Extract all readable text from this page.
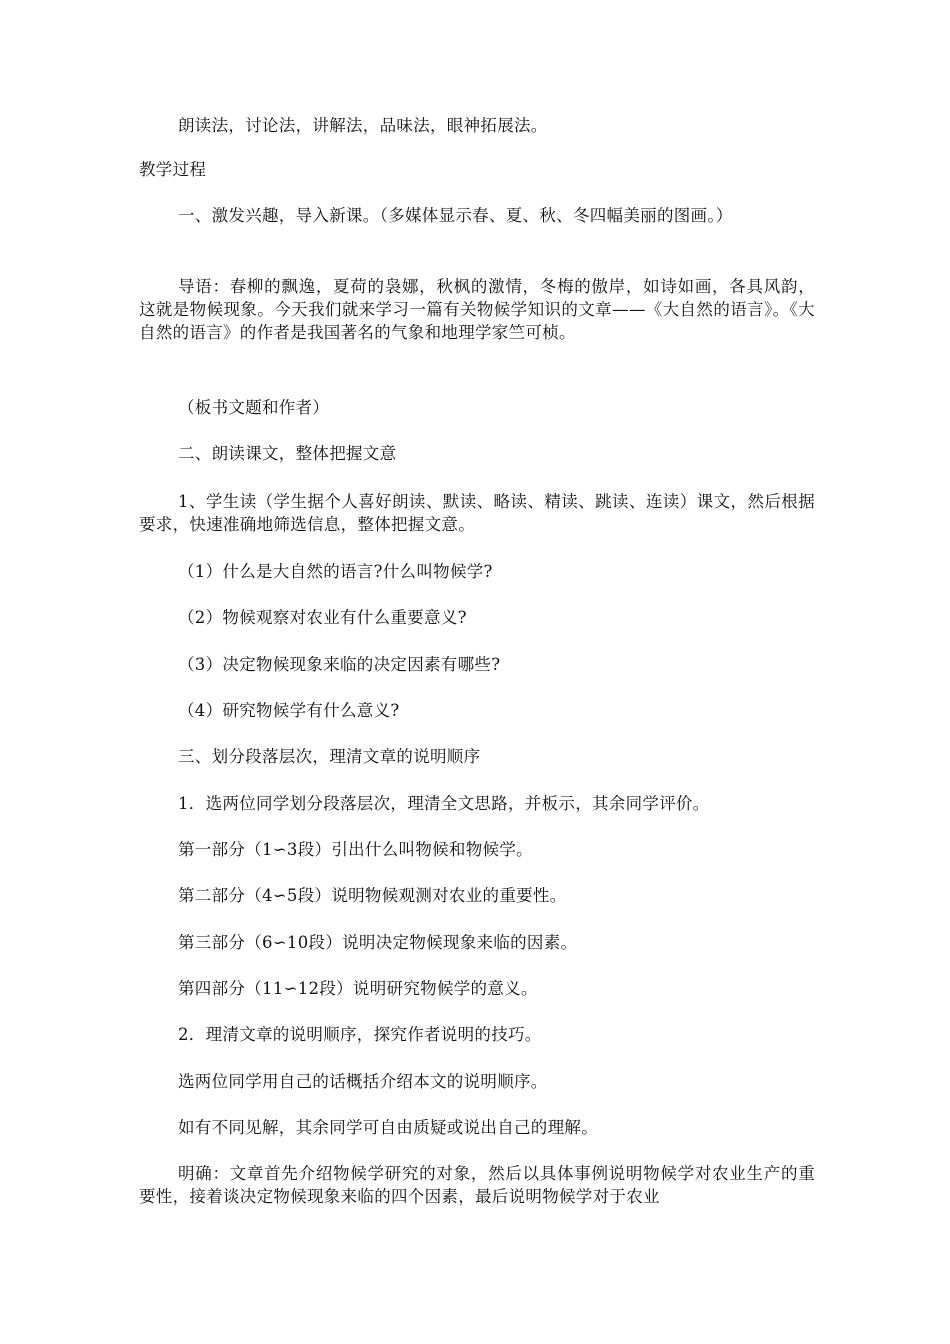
朗读法，讨论法，讲解法，品味法，眼神拓展法。

教学过程

一、激发兴趣，导入新课。（多媒体显示春、夏、秋、冬四幅美丽的图画。）

导语：春柳的飘逸，夏荷的袅娜，秋枫的激情，冬梅的傲岸，如诗如画，各具风韵，这就是物候现象。今天我们就来学习一篇有关物候学知识的文章——《大自然的语言》。《大自然的语言》的作者是我国著名的气象和地理学家竺可桢。

（板书文题和作者）

二、朗读课文，整体把握文意

1、学生读（学生据个人喜好朗读、默读、略读、精读、跳读、连读）课文，然后根据要求，快速准确地筛选信息，整体把握文意。

（1）什么是大自然的语言?什么叫物候学?

（2）物候观察对农业有什么重要意义?

（3）决定物候现象来临的决定因素有哪些?

（4）研究物候学有什么意义?

三、划分段落层次，理清文章的说明顺序

1．选两位同学划分段落层次，理清全文思路，并板示，其余同学评价。

第一部分（1∽3段）引出什么叫物候和物候学。

第二部分（4∽5段）说明物候观测对农业的重要性。

第三部分（6∽10段）说明决定物候现象来临的因素。

第四部分（11∽12段）说明研究物候学的意义。

2．理清文章的说明顺序，探究作者说明的技巧。

选两位同学用自己的话概括介绍本文的说明顺序。

如有不同见解，其余同学可自由质疑或说出自己的理解。

明确：文章首先介绍物候学研究的对象，然后以具体事例说明物候学对农业生产的重要性，接着谈决定物候现象来临的四个因素，最后说明物候学对于农业
